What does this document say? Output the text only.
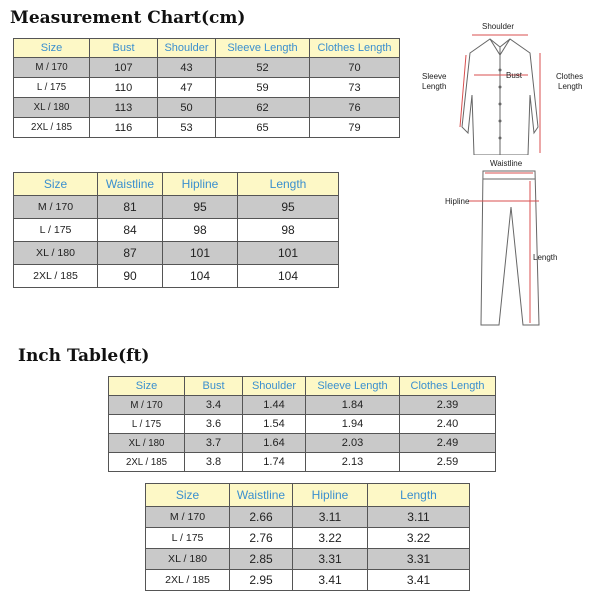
Measurement Chart(cm)
Size	Bust	Shoulder	Sleeve Length	Clothes Length
M / 170	107	43	52	70
L / 175	110	47	59	73
XL / 180	113	50	62	76
2XL / 185	116	53	65	79
Size	Waistline	Hipline	Length
M / 170	81	95	95
L / 175	84	98	98
XL / 180	87	101	101
2XL / 185	90	104	104
Inch Table(ft)
Size	Bust	Shoulder	Sleeve Length	Clothes Length
M / 170	3.4	1.44	1.84	2.39
L / 175	3.6	1.54	1.94	2.40
XL / 180	3.7	1.64	2.03	2.49
2XL / 185	3.8	1.74	2.13	2.59
Size	Waistline	Hipline	Length
M / 170	2.66	3.11	3.11
L / 175	2.76	3.22	3.22
XL / 180	2.85	3.31	3.31
2XL / 185	2.95	3.41	3.41
Shoulder
Bust
Sleeve
Length
Clothes
Length
Waistline
Hipline
Length
